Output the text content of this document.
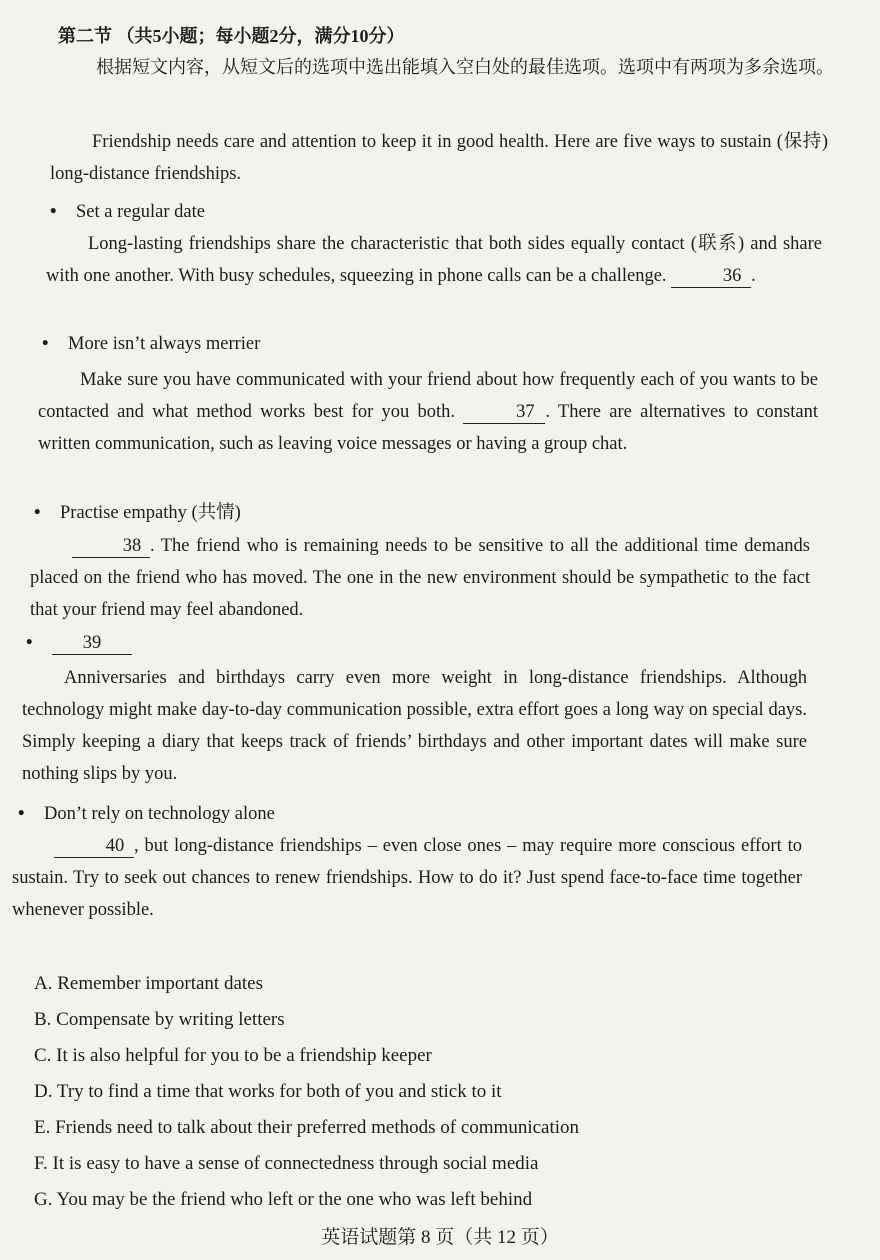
第二节 （共5小题；每小题2分，满分10分）
根据短文内容，从短文后的选项中选出能填入空白处的最佳选项。选项中有两项为多余选项。

Friendship needs care and attention to keep it in good health. Here are five ways to sustain (保持) long-distance friendships.

• Set a regular date

Long-lasting friendships share the characteristic that both sides equally contact (联系) and share with one another. With busy schedules, squeezing in phone calls can be a challenge.	36 .

• More isn’t always merrier

Make sure you have communicated with your friend about how frequently each of you wants to be contacted and what method works best for you both.	37 . There are alternatives to constant written communication, such as leaving voice messages or having a group chat.

• Practise empathy (共情)

38 . The friend who is remaining needs to be sensitive to all the additional time demands placed on the friend who has moved. The one in the new environment should be sympathetic to the fact that your friend may feel abandoned.

•	39

Anniversaries and birthdays carry even more weight in long-distance friendships. Although technology might make day-to-day communication possible, extra effort goes a long way on special days. Simply keeping a diary that keeps track of friends’ birthdays and other important dates will make sure nothing slips by you.

• Don’t rely on technology alone

40 , but long-distance friendships – even close ones – may require more conscious effort to sustain. Try to seek out chances to renew friendships. How to do it? Just spend face-to-face time together whenever possible.

A. Remember important dates
B. Compensate by writing letters
C. It is also helpful for you to be a friendship keeper
D. Try to find a time that works for both of you and stick to it
E. Friends need to talk about their preferred methods of communication
F. It is easy to have a sense of connectedness through social media
G. You may be the friend who left or the one who was left behind
英语试题第 8 页（共 12 页）
